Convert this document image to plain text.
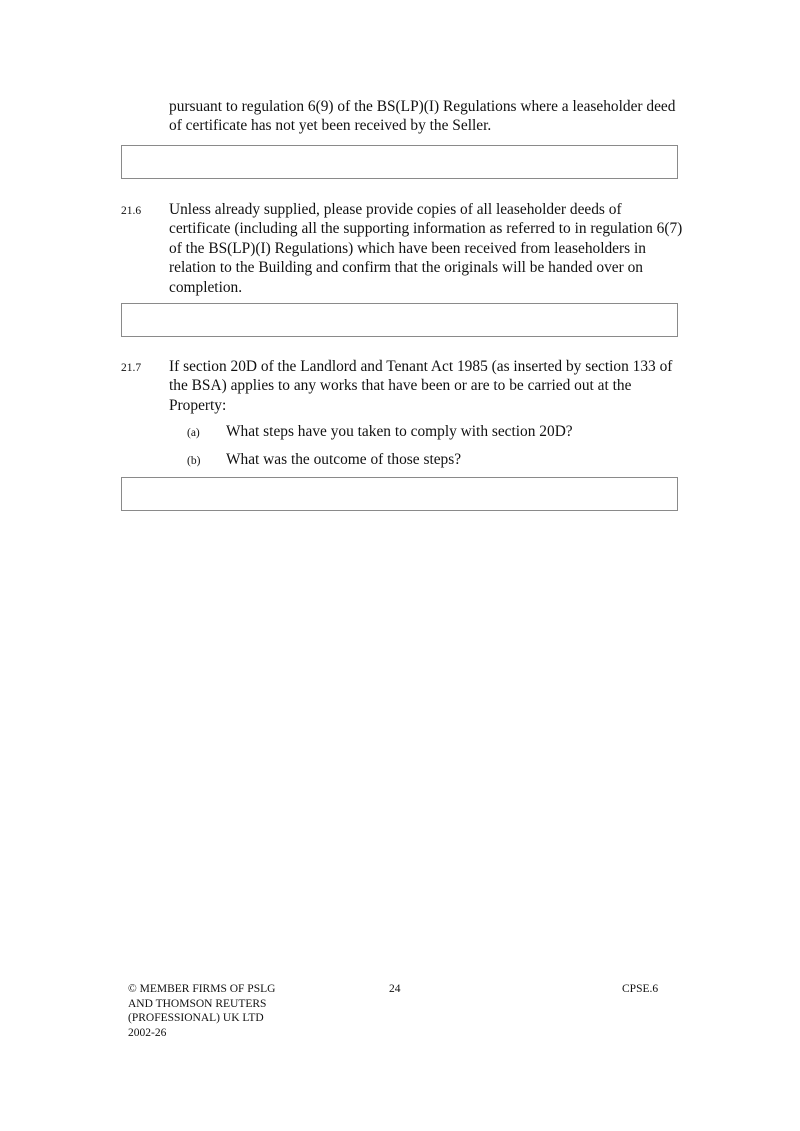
pursuant to regulation 6(9) of the BS(LP)(I) Regulations where a leaseholder deed of certificate has not yet been received by the Seller.

21.6 Unless already supplied, please provide copies of all leaseholder deeds of certificate (including all the supporting information as referred to in regulation 6(7) of the BS(LP)(I) Regulations) which have been received from leaseholders in relation to the Building and confirm that the originals will be handed over on completion.

21.7 If section 20D of the Landlord and Tenant Act 1985 (as inserted by section 133 of the BSA) applies to any works that have been or are to be carried out at the Property:

(a) What steps have you taken to comply with section 20D?
(b) What was the outcome of those steps?
© MEMBER FIRMS OF PSLG
AND THOMSON REUTERS
(PROFESSIONAL) UK LTD
2002-26
24	CPSE.6
